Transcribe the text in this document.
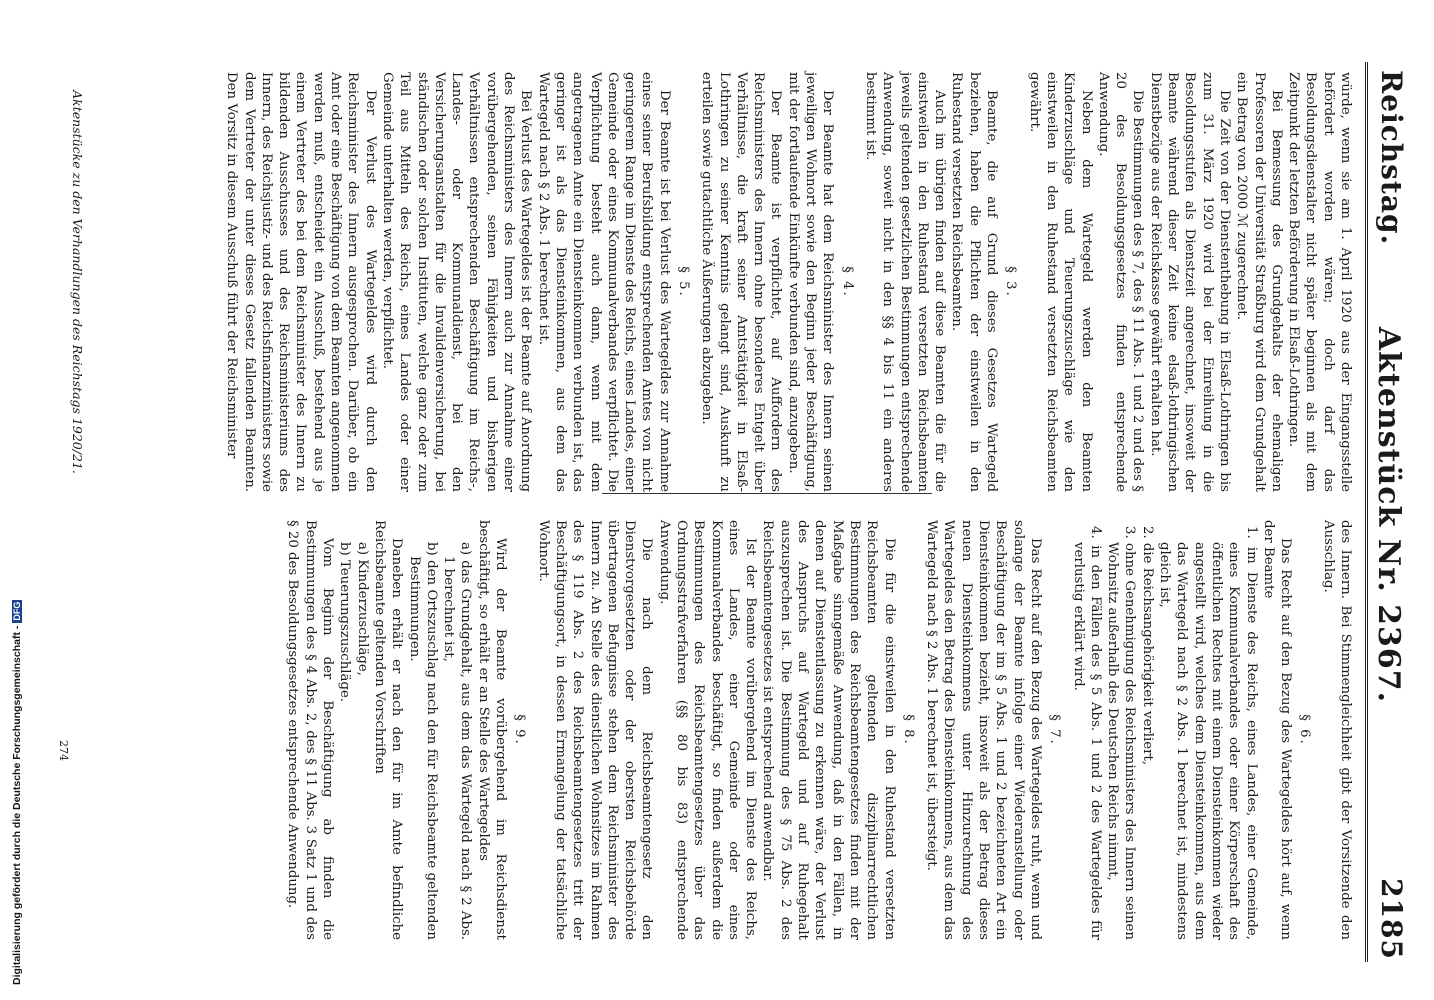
Reichstag.
Aktenstück Nr. 2367.
2185

würde, wenn sie am 1. April 1920 aus der Eingangsstelle befördert worden wären; doch darf das Besoldungsdienstalter nicht später beginnen als mit dem Zeitpunkt der letzten Beförderung in Elsaß-Lothringen.

Bei Bemessung des Grundgehalts der ehemaligen Professoren der Universität Straßburg wird dem Grundgehalt ein Betrag von 2000 ℳ zugerechnet.

Die Zeit von der Dienstenthebung in Elsaß-Lothringen bis zum 31. März 1920 wird bei der Einreihung in die Besoldungsstufen als Dienstzeit angerechnet, insoweit der Beamte während dieser Zeit keine elsaß-lothringischen Dienstbezüge aus der Reichskasse gewährt erhalten hat.

Die Bestimmungen des § 7, des § 11 Abs. 1 und 2 und des § 20 des Besoldungsgesetzes finden entsprechende Anwendung.

Neben dem Wartegeld werden den Beamten Kinderzuschläge und Teuerungszuschläge wie den einstweilen in den Ruhestand versetzten Reichsbeamten gewährt.

§ 3.

Beamte, die auf Grund dieses Gesetzes Wartegeld beziehen, haben die Pflichten der einstweilen in den Ruhestand versetzten Reichsbeamten.

Auch im übrigen finden auf diese Beamten die für die einstweilen in den Ruhestand versetzten Reichsbeamten jeweils geltenden gesetzlichen Bestimmungen entsprechende Anwendung, soweit nicht in den §§ 4 bis 11 ein anderes bestimmt ist.

§ 4.

Der Beamte hat dem Reichsminister des Innern seinen jeweiligen Wohnort sowie den Beginn jeder Beschäftigung, mit der fortlaufende Einkünfte verbunden sind, anzugeben.

Der Beamte ist verpflichtet, auf Auffordern des Reichsministers des Innern ohne besonderes Entgelt über Verhältnisse, die kraft seiner Amtstätigkeit in Elsaß-Lothringen zu seiner Kenntnis gelangt sind, Auskunft zu erteilen sowie gutachtliche Äußerungen abzugeben.

§ 5.

Der Beamte ist bei Verlust des Wartegeldes zur Annahme eines seiner Berufsbildung entsprechenden Amtes von nicht geringerem Range im Dienste des Reichs, eines Landes, einer Gemeinde oder eines Kommunalverbandes verpflichtet. Die Verpflichtung besteht auch dann, wenn mit dem angetragenen Amte ein Diensteinkommen verbunden ist, das geringer ist als das Diensteinkommen, aus dem das Wartegeld nach § 2 Abs. 1 berechnet ist.

Bei Verlust des Wartegeldes ist der Beamte auf Anordnung des Reichsministers des Innern auch zur Annahme einer vorübergehenden, seinen Fähigkeiten und bisherigen Verhältnissen entsprechenden Beschäftigung im Reichs-, Landes- oder Kommunaldienst, bei den Versicherungsanstalten für die Invalidenversicherung, bei ständischen oder solchen Instituten, welche ganz oder zum Teil aus Mitteln des Reichs, eines Landes oder einer Gemeinde unterhalten werden, verpflichtet.

Der Verlust des Wartegeldes wird durch den Reichsminister des Innern ausgesprochen. Darüber, ob ein Amt oder eine Beschäftigung von dem Beamten angenommen werden muß, entscheidet ein Ausschuß, bestehend aus je einem Vertreter des bei dem Reichsminister des Innern zu bildenden Ausschusses und des Reichsministeriums des Innern, des Reichsjustiz- und des Reichsfinanzministers sowie dem Vertreter der unter dieses Gesetz fallenden Beamten. Den Vorsitz in diesem Ausschuß führt der Reichsminister

des Innern. Bei Stimmengleichheit gibt der Vorsitzende den Ausschlag.

§ 6.

Das Recht auf den Bezug des Wartegeldes hört auf, wenn der Beamte

1. im Dienste des Reichs, eines Landes, einer Gemeinde, eines Kommunalverbandes oder einer Körperschaft des öffentlichen Rechtes mit einem Diensteinkommen wieder angestellt wird, welches dem Diensteinkommen, aus dem das Wartegeld nach § 2 Abs. 1 berechnet ist, mindestens gleich ist,

2. die Reichsangehörigkeit verliert,

3. ohne Genehmigung des Reichsministers des Innern seinen Wohnsitz außerhalb des Deutschen Reichs nimmt,

4. in den Fällen des § 5 Abs. 1 und 2 des Wartegeldes für verlustig erklärt wird.

§ 7.

Das Recht auf den Bezug des Wartegeldes ruht, wenn und solange der Beamte infolge einer Wiederanstellung oder Beschäftigung der im § 5 Abs. 1 und 2 bezeichneten Art ein Diensteinkommen bezieht, insoweit als der Betrag dieses neuen Diensteinkommens unter Hinzurechnung des Wartegeldes den Betrag des Diensteinkommens, aus dem das Wartegeld nach § 2 Abs. 1 berechnet ist, übersteigt.

§ 8.

Die für die einstweilen in den Ruhestand versetzten Reichsbeamten geltenden disziplinarrechtlichen Bestimmungen des Reichsbeamtengesetzes finden mit der Maßgabe sinngemäße Anwendung, daß in den Fällen, in denen auf Dienstentlassung zu erkennen wäre, der Verlust des Anspruchs auf Wartegeld und auf Ruhegehalt auszusprechen ist. Die Bestimmung des § 75 Abs. 2 des Reichsbeamtengesetzes ist entsprechend anwendbar.

Ist der Beamte vorübergehend im Dienste des Reichs, eines Landes, einer Gemeinde oder eines Kommunalverbandes beschäftigt, so finden außerdem die Bestimmungen des Reichsbeamtengesetzes über das Ordnungsstrafverfahren (§§ 80 bis 83) entsprechende Anwendung.

Die nach dem Reichsbeamtengesetz den Dienstvorgesetzten oder der obersten Reichsbehörde übertragenen Befugnisse stehen dem Reichsminister des Innern zu. An Stelle des dienstlichen Wohnsitzes im Rahmen des § 119 Abs. 2 des Reichsbeamtengesetzes tritt der Beschäftigungsort, in dessen Ermangelung der tatsächliche Wohnort.

§ 9.

Wird der Beamte vorübergehend im Reichsdienst beschäftigt, so erhält er an Stelle des Wartegeldes

a) das Grundgehalt, aus dem das Wartegeld nach § 2 Abs. 1 berechnet ist,

b) den Ortszuschlag nach den für Reichsbeamte geltenden Bestimmungen.

Daneben erhält er nach den für im Amte befindliche Reichsbeamte geltenden Vorschriften

a) Kinderzuschläge,

b) Teuerungszuschläge.

Vom Beginn der Beschäftigung ab finden die Bestimmungen des § 4 Abs. 2, des § 11 Abs. 3 Satz 1 und des § 20 des Besoldungsgesetzes entsprechende Anwendung.

Aktenstücke zu den Verhandlungen des Reichstags 1920/21.
274
Digitalisierung gefördert durch die Deutsche Forschungsgemeinschaft -DFG
